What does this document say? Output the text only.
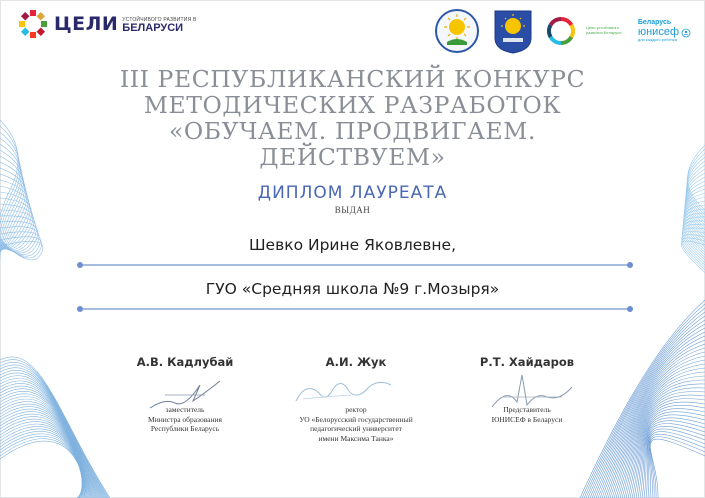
ЦЕЛИ УСТОЙЧИВОГО РАЗВИТИЯ В
БЕЛАРУСИ	Цели устойчивого развития Беларуси
Беларусь
юнисеф
для каждого ребенка
III РЕСПУБЛИКАНСКИЙ КОНКУРС
МЕТОДИЧЕСКИХ РАЗРАБОТОК
«ОБУЧАЕМ. ПРОДВИГАЕМ.
ДЕЙСТВУЕМ»
ДИПЛОМ ЛАУРЕАТА
ВЫДАН
Шевко Ирине Яковлевне,
ГУО «Средняя школа №9 г.Мозыря»
А.В. Кадлубай
заместитель
Министра образования
Республики Беларусь
А.И. Жук
ректор
УО «Белорусский государственный
педагогический университет
имени Максима Танка»
Р.Т. Хайдаров
Представитель
ЮНИСЕФ в Беларуси
